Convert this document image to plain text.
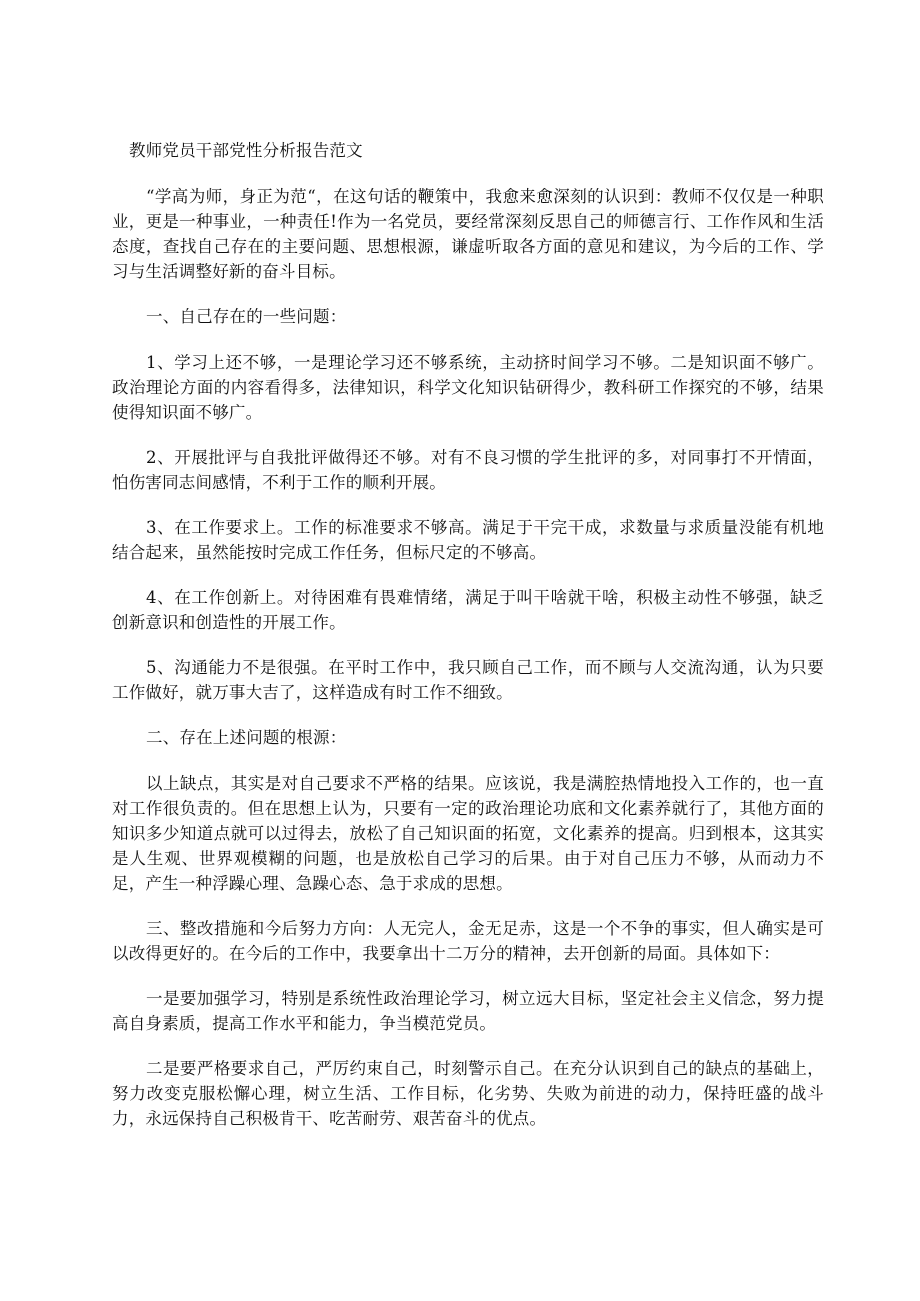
教师党员干部党性分析报告范文

“学高为师，身正为范“，在这句话的鞭策中，我愈来愈深刻的认识到：教师不仅仅是一种职业，更是一种事业，一种责任!作为一名党员，要经常深刻反思自己的师德言行、工作作风和生活态度，查找自己存在的主要问题、思想根源，谦虚听取各方面的意见和建议，为今后的工作、学习与生活调整好新的奋斗目标。

一、自己存在的一些问题：

1、学习上还不够，一是理论学习还不够系统，主动挤时间学习不够。二是知识面不够广。政治理论方面的内容看得多，法律知识，科学文化知识钻研得少，教科研工作探究的不够，结果使得知识面不够广。

2、开展批评与自我批评做得还不够。对有不良习惯的学生批评的多，对同事打不开情面，怕伤害同志间感情，不利于工作的顺利开展。

3、在工作要求上。工作的标准要求不够高。满足于干完干成，求数量与求质量没能有机地结合起来，虽然能按时完成工作任务，但标尺定的不够高。

4、在工作创新上。对待困难有畏难情绪，满足于叫干啥就干啥，积极主动性不够强，缺乏创新意识和创造性的开展工作。

5、沟通能力不是很强。在平时工作中，我只顾自己工作，而不顾与人交流沟通，认为只要工作做好，就万事大吉了，这样造成有时工作不细致。

二、存在上述问题的根源：

以上缺点，其实是对自己要求不严格的结果。应该说，我是满腔热情地投入工作的，也一直对工作很负责的。但在思想上认为，只要有一定的政治理论功底和文化素养就行了，其他方面的知识多少知道点就可以过得去，放松了自己知识面的拓宽，文化素养的提高。归到根本，这其实是人生观、世界观模糊的问题，也是放松自己学习的后果。由于对自己压力不够，从而动力不足，产生一种浮躁心理、急躁心态、急于求成的思想。

三、整改措施和今后努力方向：人无完人，金无足赤，这是一个不争的事实，但人确实是可以改得更好的。在今后的工作中，我要拿出十二万分的精神，去开创新的局面。具体如下：

一是要加强学习，特别是系统性政治理论学习，树立远大目标，坚定社会主义信念，努力提高自身素质，提高工作水平和能力，争当模范党员。

二是要严格要求自己，严厉约束自己，时刻警示自己。在充分认识到自己的缺点的基础上，努力改变克服松懈心理，树立生活、工作目标，化劣势、失败为前进的动力，保持旺盛的战斗力，永远保持自己积极肯干、吃苦耐劳、艰苦奋斗的优点。
